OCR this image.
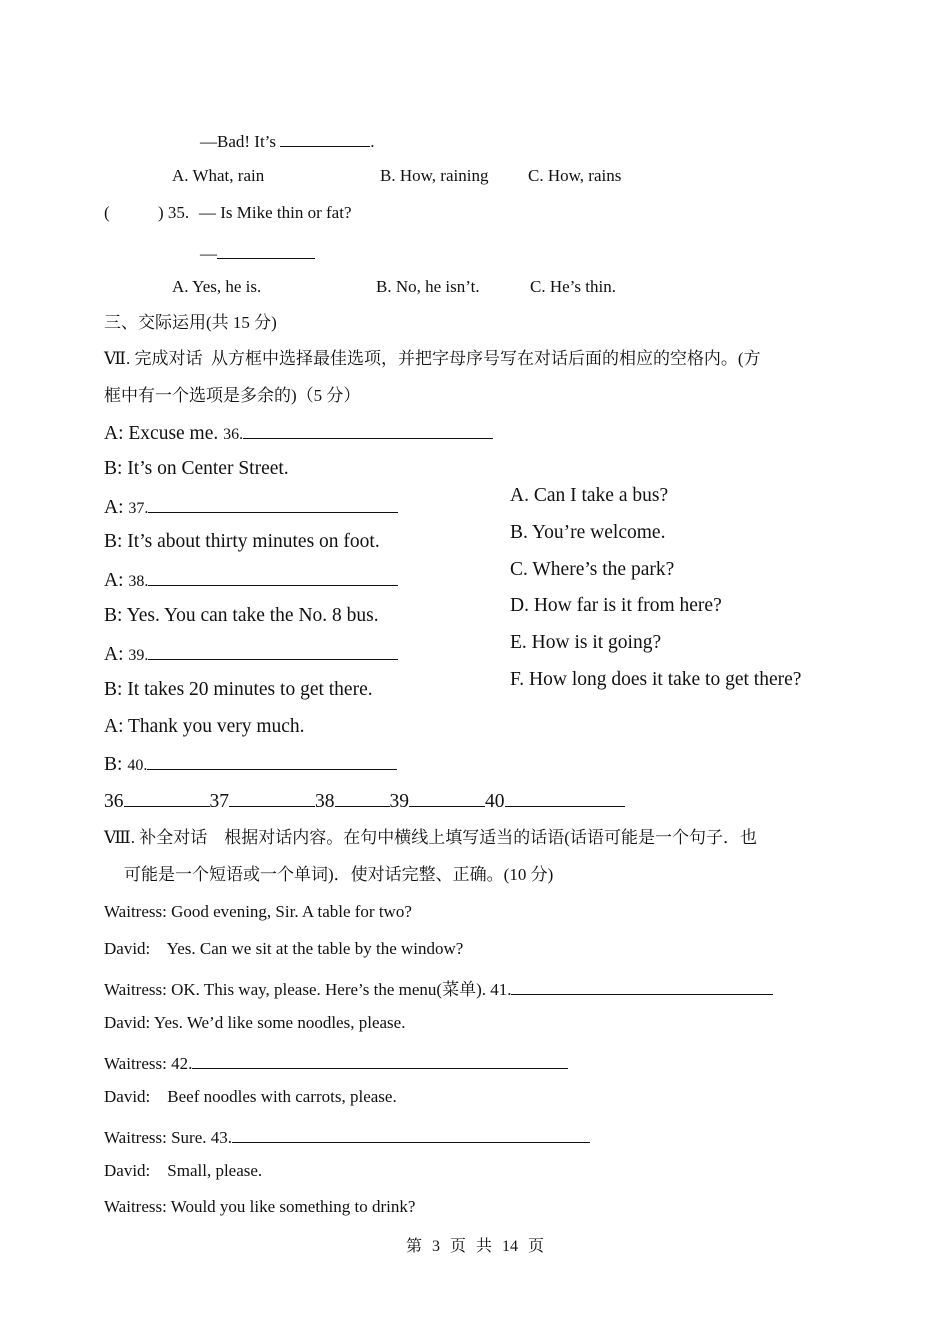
—Bad! It’s	.
A. What, rain	B. How, raining C. How, rains
(	) 35. — Is Mike thin or fat?
—
A. Yes, he is.	B. No, he isn’t.	C. He’s thin.
三、交际运用(共 15 分)
Ⅶ. 完成对话  从方框中选择最佳选项，并把字母序号写在对话后面的相应的空格内。(方
框中有一个选项是多余的)（5 分）
A: Excuse me. 36.
B: It’s on Center Street.
A: 37.
B: It’s about thirty minutes on foot.
A: 38.
B: Yes. You can take the No. 8 bus.
A: 39.
B: It takes 20 minutes to get there.
A: Thank you very much.
B: 40.
A. Can I take a bus?
B. You’re welcome.
C. Where’s the park?
D. How far is it from here?
E. How is it going?
F. How long does it take to get there?
36	37	38	39	40
Ⅷ. 补全对话    根据对话内容。在句中横线上填写适当的话语(话语可能是一个句子．也
可能是一个短语或一个单词)．使对话完整、正确。(10 分)
Waitress: Good evening, Sir. A table for two?
David:    Yes. Can we sit at the table by the window?
Waitress: OK. This way, please. Here’s the menu(菜单). 41.
David: Yes. We’d like some noodles, please.
Waitress: 42.
David:    Beef noodles with carrots, please.
Waitress: Sure. 43.
David:    Small, please.
Waitress: Would you like something to drink?
第 3 页 共 14 页
